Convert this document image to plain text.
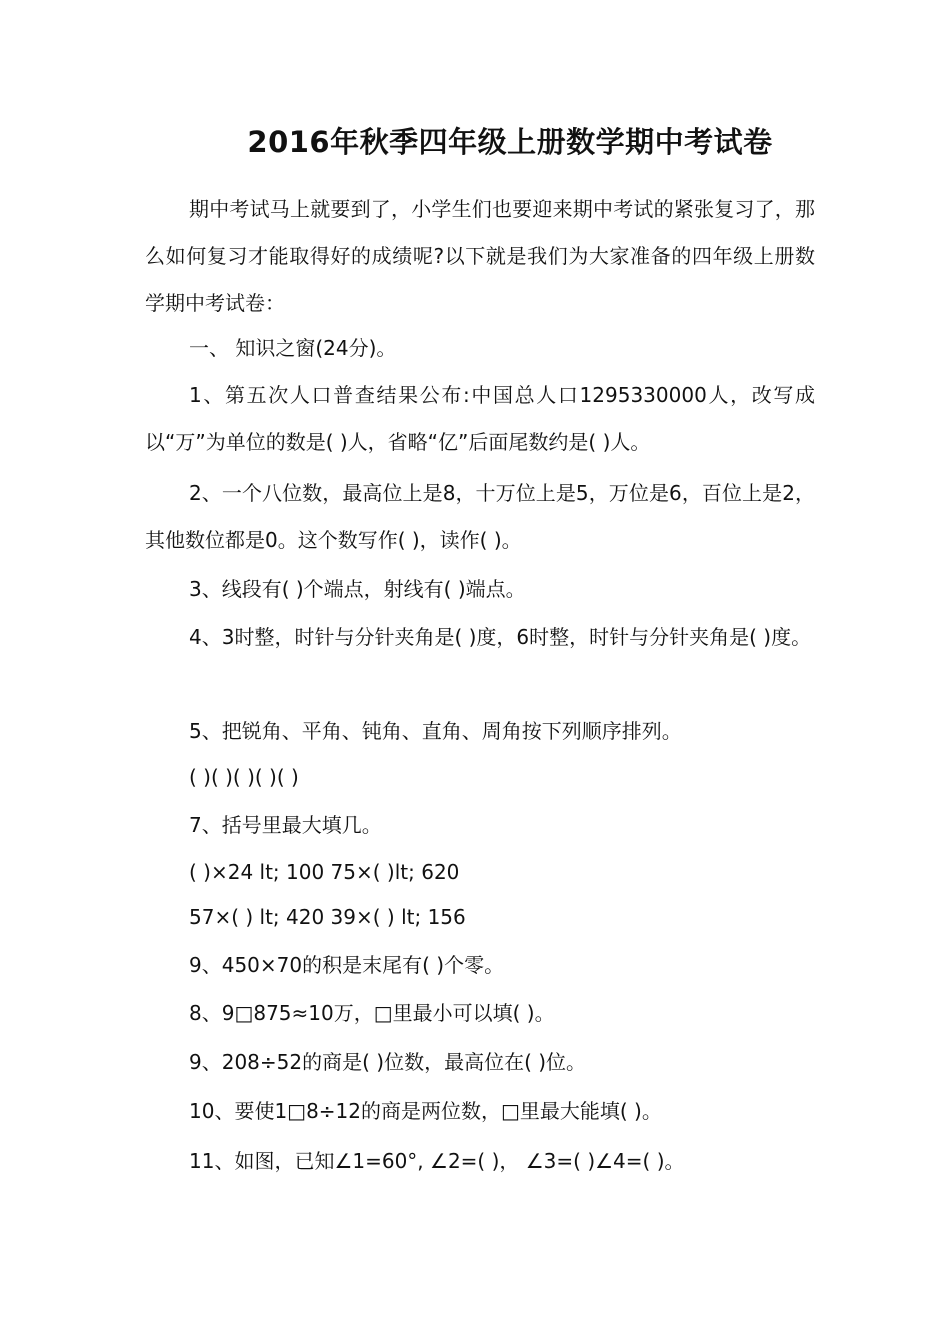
2016年秋季四年级上册数学期中考试卷

期中考试马上就要到了，小学生们也要迎来期中考试的紧张复习了，那么如何复习才能取得好的成绩呢?以下就是我们为大家准备的四年级上册数学期中考试卷：

一、 知识之窗(24分)。

1、第五次人口普查结果公布:中国总人口1295330000人，改写成以“万”为单位的数是( )人，省略“亿”后面尾数约是( )人。

2、一个八位数，最高位上是8，十万位上是5，万位是6，百位上是2，其他数位都是0。这个数写作( )，读作( )。

3、线段有( )个端点，射线有( )端点。

4、3时整，时针与分针夹角是( )度，6时整，时针与分针夹角是( )度。

5、把锐角、平角、钝角、直角、周角按下列顺序排列。
( )( )( )( )( )
7、括号里最大填几。
( )×24 lt; 100 75×( )lt; 620
57×( ) lt; 420 39×( ) lt; 156
9、450×70的积是末尾有( )个零。
8、9□875≈10万，□里最小可以填( )。
9、208÷52的商是( )位数，最高位在( )位。
10、要使1□8÷12的商是两位数，□里最大能填( )。
11、如图，已知∠1=60°, ∠2=( )， ∠3=( )∠4=( )。
